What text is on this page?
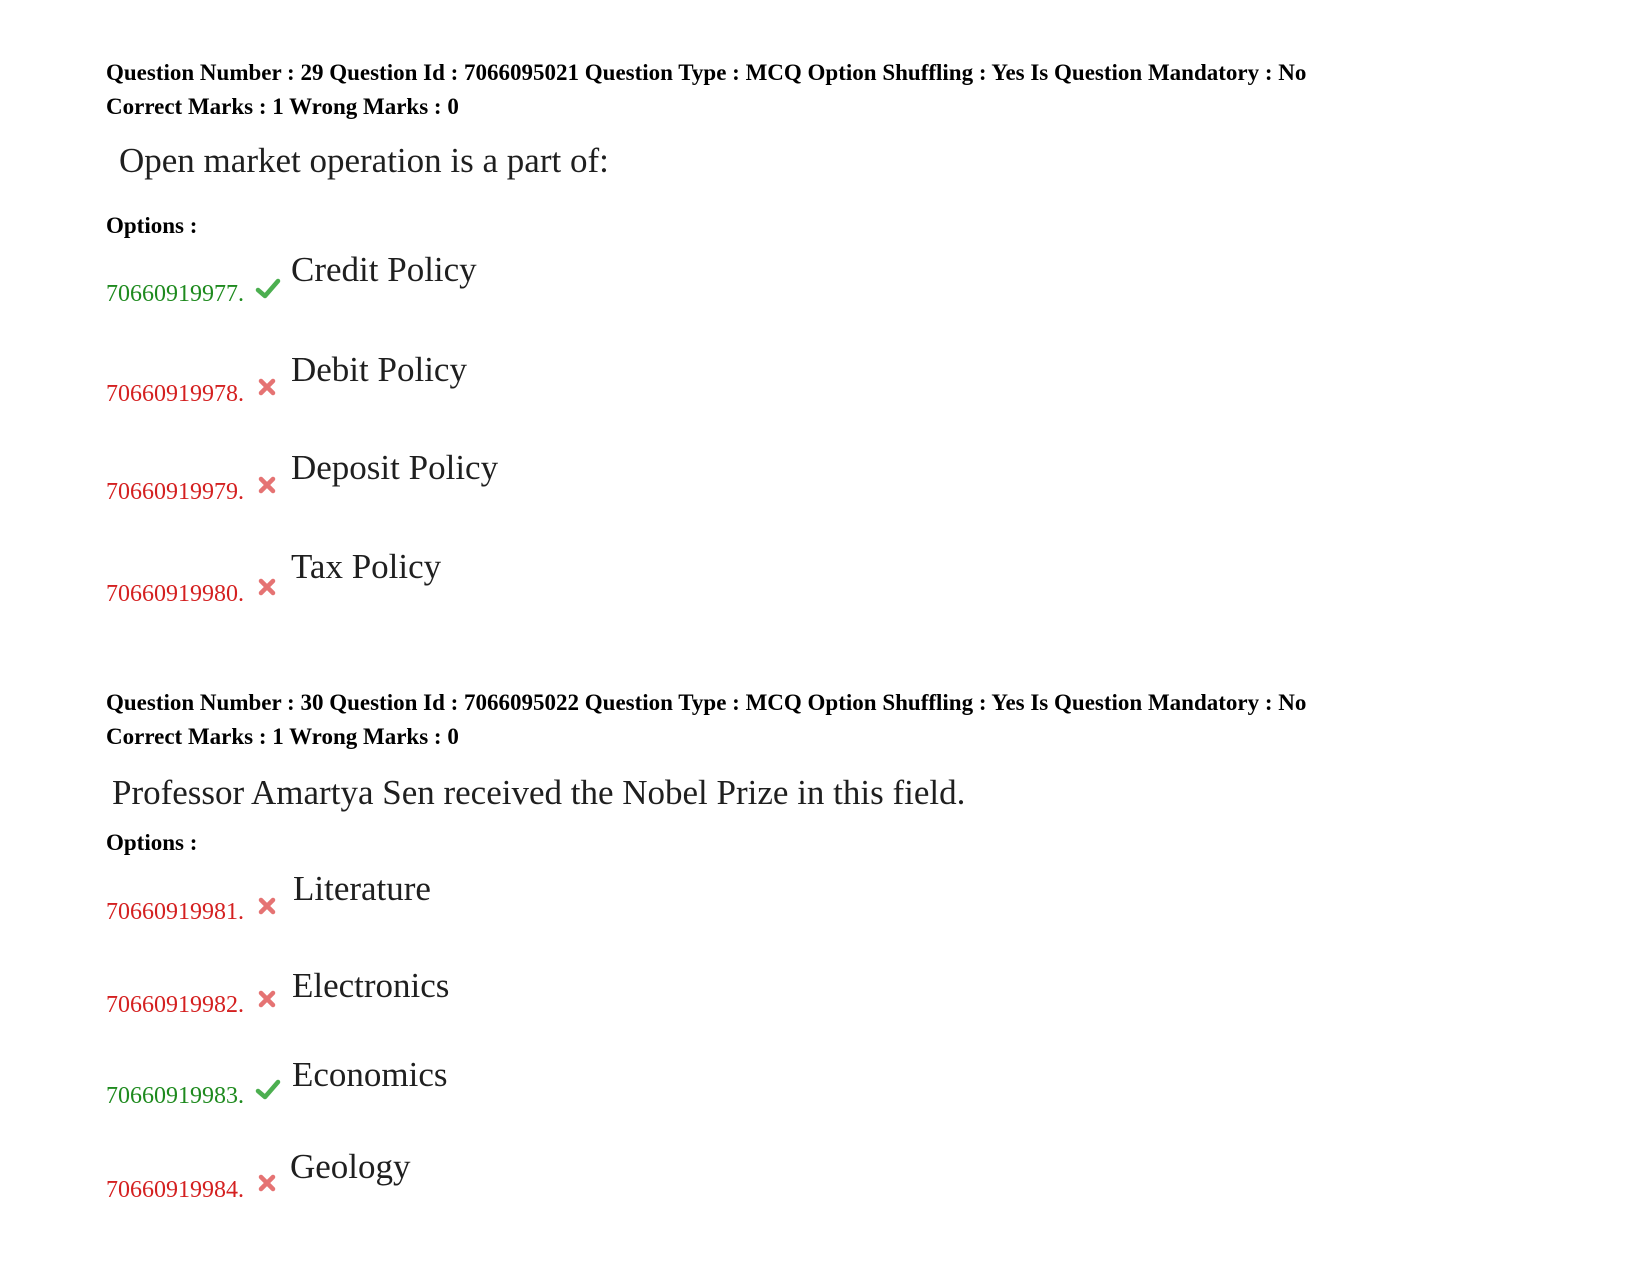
Question Number : 29 Question Id : 7066095021 Question Type : MCQ Option Shuffling : Yes Is Question Mandatory : No
Correct Marks : 1 Wrong Marks : 0
Open market operation is a part of:
Options :
70660919977.
Credit Policy
70660919978.
Debit Policy
70660919979.
Deposit Policy
70660919980.
Tax Policy
Question Number : 30 Question Id : 7066095022 Question Type : MCQ Option Shuffling : Yes Is Question Mandatory : No
Correct Marks : 1 Wrong Marks : 0
Professor Amartya Sen received the Nobel Prize in this field.
Options :
70660919981.
Literature
70660919982. Electronics
70660919983.
Economics
70660919984.
Geology
